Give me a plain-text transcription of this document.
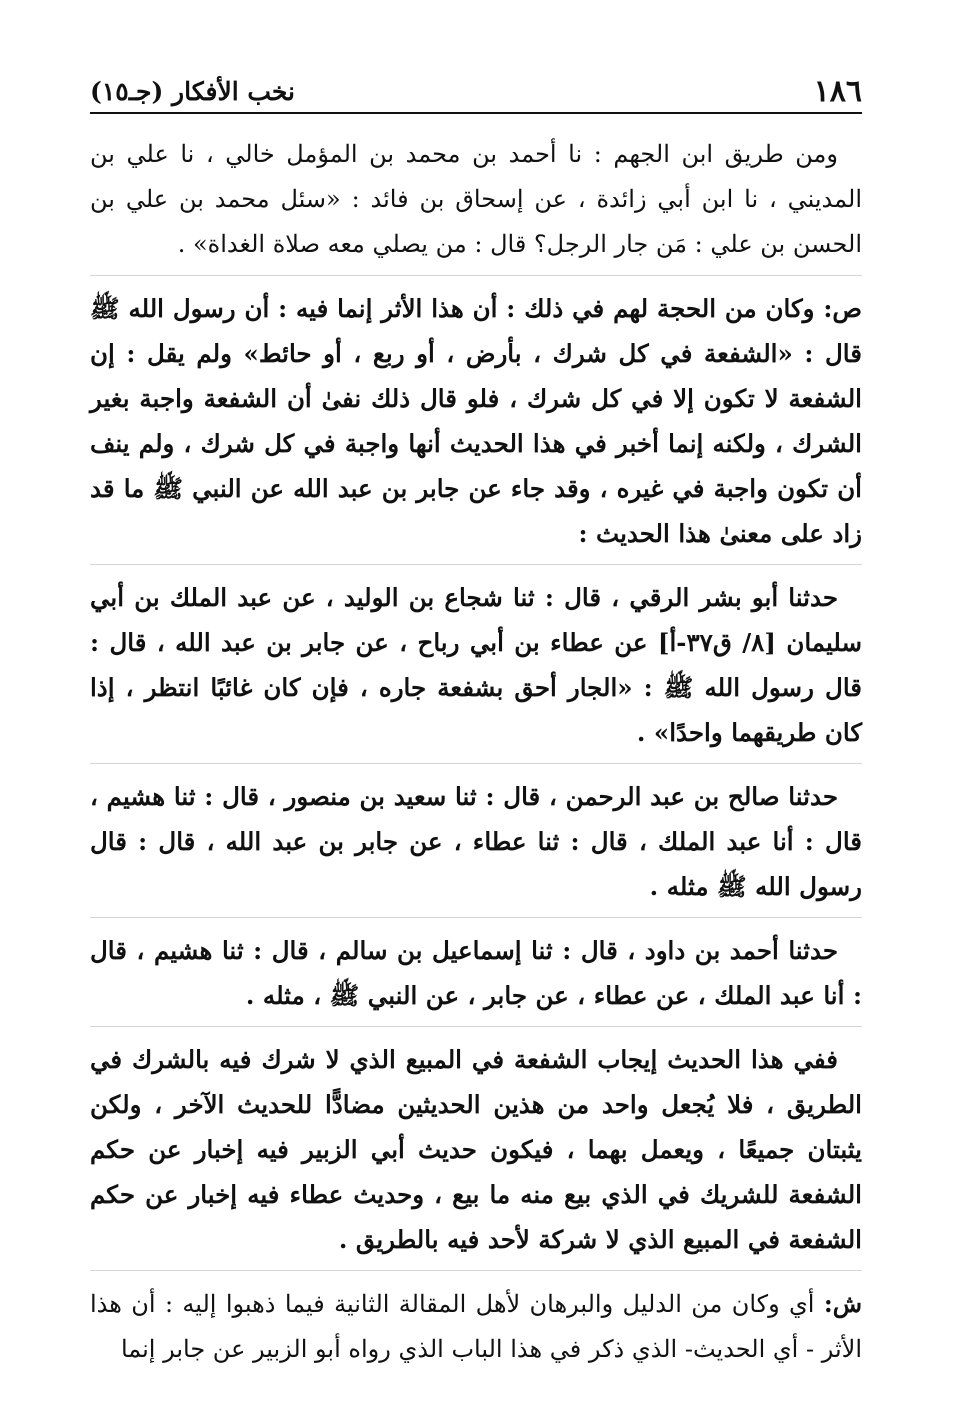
١٨٦
نخب الأفكار (جـ١٥)

ومن طريق ابن الجهم : نا أحمد بن محمد بن المؤمل خالي ، نا علي بن المديني ، نا ابن أبي زائدة ، عن إسحاق بن فائد : «سئل محمد بن علي بن الحسن بن علي : مَن جار الرجل؟ قال : من يصلي معه صلاة الغداة» .

ص: وكان من الحجة لهم في ذلك : أن هذا الأثر إنما فيه : أن رسول الله ﷺ قال : «الشفعة في كل شرك ، بأرض ، أو ربع ، أو حائط» ولم يقل : إن الشفعة لا تكون إلا في كل شرك ، فلو قال ذلك نفىٰ أن الشفعة واجبة بغير الشرك ، ولكنه إنما أخبر في هذا الحديث أنها واجبة في كل شرك ، ولم ينف أن تكون واجبة في غيره ، وقد جاء عن جابر بن عبد الله عن النبي ﷺ ما قد زاد على معنىٰ هذا الحديث :

حدثنا أبو بشر الرقي ، قال : ثنا شجاع بن الوليد ، عن عبد الملك بن أبي سليمان [٨/ ق٣٧-أ] عن عطاء بن أبي رباح ، عن جابر بن عبد الله ، قال : قال رسول الله ﷺ : «الجار أحق بشفعة جاره ، فإن كان غائبًا انتظر ، إذا كان طريقهما واحدًا» .

حدثنا صالح بن عبد الرحمن ، قال : ثنا سعيد بن منصور ، قال : ثنا هشيم ، قال : أنا عبد الملك ، قال : ثنا عطاء ، عن جابر بن عبد الله ، قال : قال رسول الله ﷺ مثله .

حدثنا أحمد بن داود ، قال : ثنا إسماعيل بن سالم ، قال : ثنا هشيم ، قال : أنا عبد الملك ، عن عطاء ، عن جابر ، عن النبي ﷺ ، مثله .

ففي هذا الحديث إيجاب الشفعة في المبيع الذي لا شرك فيه بالشرك في الطريق ، فلا يُجعل واحد من هذين الحديثين مضادًّا للحديث الآخر ، ولكن يثبتان جميعًا ، ويعمل بهما ، فيكون حديث أبي الزبير فيه إخبار عن حكم الشفعة للشريك في الذي بيع منه ما بيع ، وحديث عطاء فيه إخبار عن حكم الشفعة في المبيع الذي لا شركة لأحد فيه بالطريق .

ش: أي وكان من الدليل والبرهان لأهل المقالة الثانية فيما ذهبوا إليه : أن هذا الأثر - أي الحديث- الذي ذكر في هذا الباب الذي رواه أبو الزبير عن جابر إنما
